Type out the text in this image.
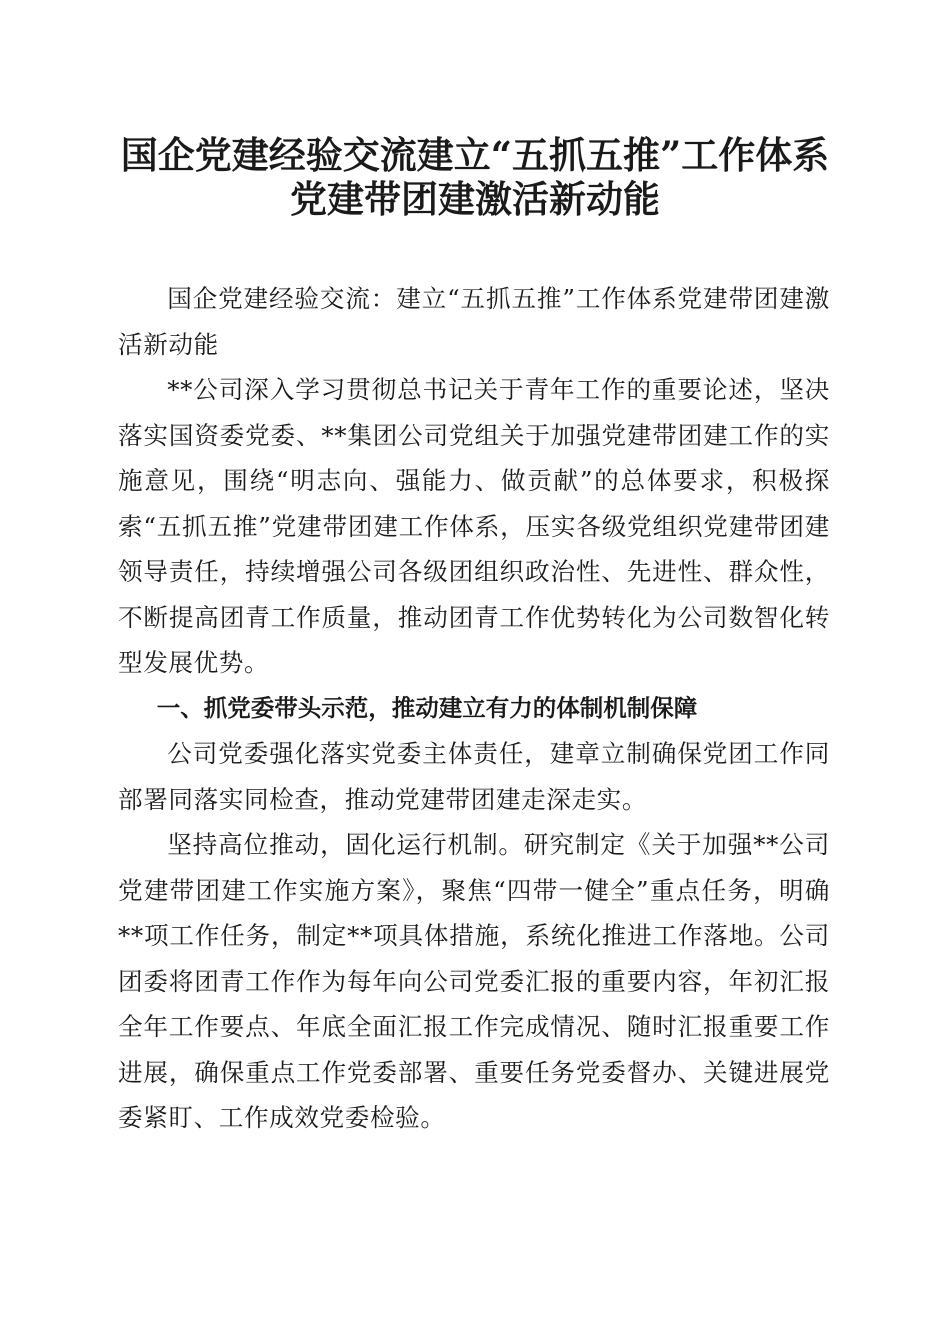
国企党建经验交流建立“五抓五推”工作体系

党建带团建激活新动能

国企党建经验交流：建立“五抓五推”工作体系党建带团建激活新动能

**公司深入学习贯彻总书记关于青年工作的重要论述，坚决落实国资委党委、**集团公司党组关于加强党建带团建工作的实施意见，围绕“明志向、强能力、做贡献”的总体要求，积极探索“五抓五推”党建带团建工作体系，压实各级党组织党建带团建领导责任，持续增强公司各级团组织政治性、先进性、群众性，不断提高团青工作质量，推动团青工作优势转化为公司数智化转型发展优势。

一、抓党委带头示范，推动建立有力的体制机制保障

公司党委强化落实党委主体责任，建章立制确保党团工作同部署同落实同检查，推动党建带团建走深走实。

坚持高位推动，固化运行机制。研究制定《关于加强**公司党建带团建工作实施方案》，聚焦“四带一健全”重点任务，明确**项工作任务，制定**项具体措施，系统化推进工作落地。公司团委将团青工作作为每年向公司党委汇报的重要内容，年初汇报全年工作要点、年底全面汇报工作完成情况、随时汇报重要工作进展，确保重点工作党委部署、重要任务党委督办、关键进展党委紧盯、工作成效党委检验。
